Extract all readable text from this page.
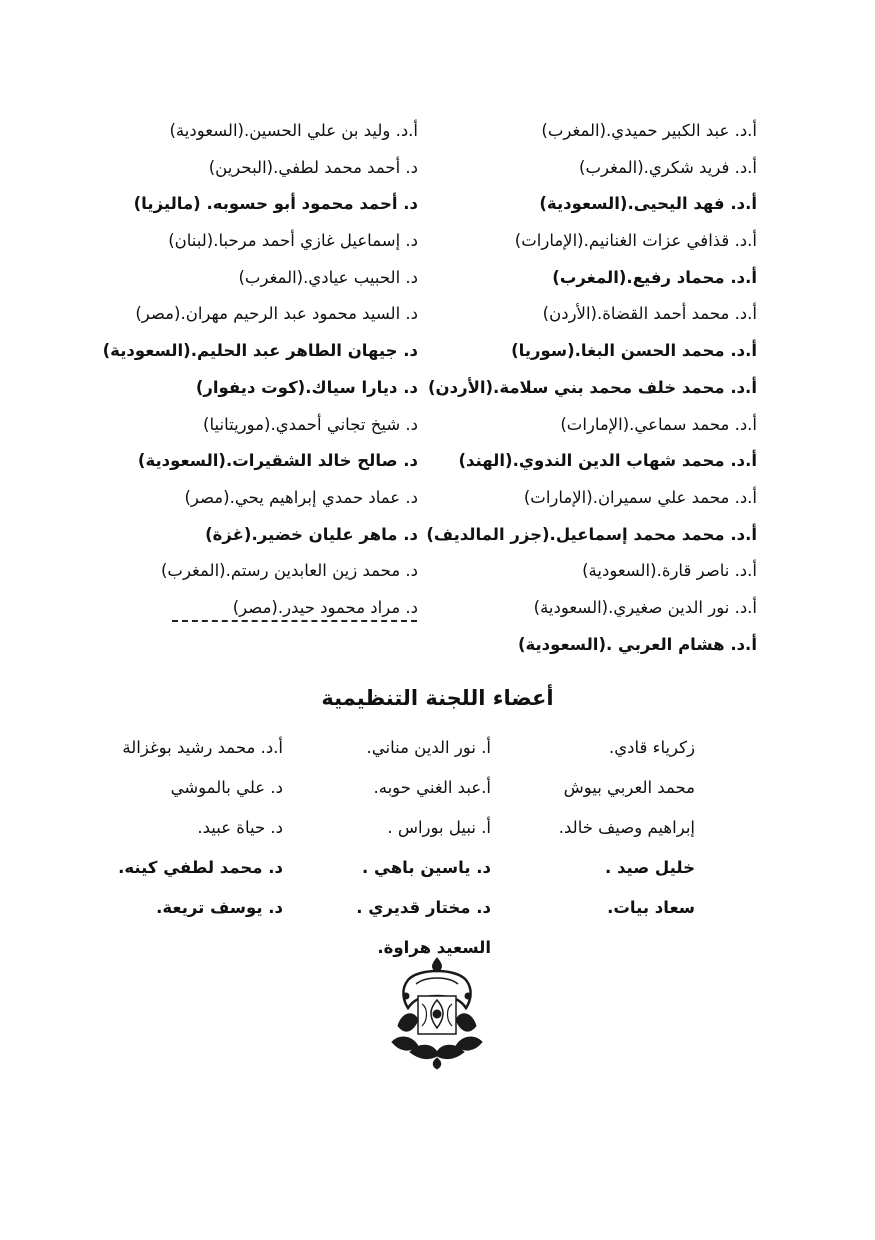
أ.د. عبد الكبير حميدي.(المغرب)
أ.د. فريد شكري.(المغرب)
أ.د. فهد اليحيى.(السعودية)
أ.د. قذافي عزات الغنانيم.(الإمارات)
أ.د. محماد رفيع.(المغرب)
أ.د. محمد أحمد القضاة.(الأردن)
أ.د. محمد الحسن البغا.(سوريا)
أ.د. محمد خلف محمد بني سلامة.(الأردن)
أ.د. محمد سماعي.(الإمارات)
أ.د. محمد شهاب الدين الندوي.(الهند)
أ.د. محمد علي سميران.(الإمارات)
أ.د. محمد محمد إسماعيل.(جزر المالديف)
أ.د. ناصر قارة.(السعودية)
أ.د. نور الدين صغيري.(السعودية)
أ.د. هشام العربي .(السعودية)
أ.د. وليد بن علي الحسين.(السعودية)
د. أحمد محمد لطفي.(البحرين)
د. أحمد محمود أبو حسوبه. (ماليزيا)
د. إسماعيل غازي أحمد مرحبا.(لبنان)
د. الحبيب عيادي.(المغرب)
د. السيد محمود عبد الرحيم مهران.(مصر)
د. جيهان الطاهر عبد الحليم.(السعودية)
د. ديارا سياك.(كوت ديفوار)
د. شيخ تجاني أحمدي.(موريتانيا)
د. صالح خالد الشقيرات.(السعودية)
د. عماد حمدي إبراهيم يحي.(مصر)
د. ماهر عليان خضير.(غزة)
د. محمد زين العابدين رستم.(المغرب)
د. مراد محمود حيدر.(مصر)
أعضاء اللجنة التنظيمية
أ.د. محمد رشيد بوغزالة
د. علي بالموشي
د. حياة عبيد.
د. محمد لطفي كينه.
د. يوسف تريعة.
أ. نور الدين مناني.
أ.عبد الغني حوبه.
أ. نبيل بوراس .
د. ياسين باهي .
د. مختار قديري .
السعيد هراوة.
زكرياء قادي.
محمد العربي بيوش
إبراهيم وصيف خالد.
خليل صيد .
سعاد بيات.
